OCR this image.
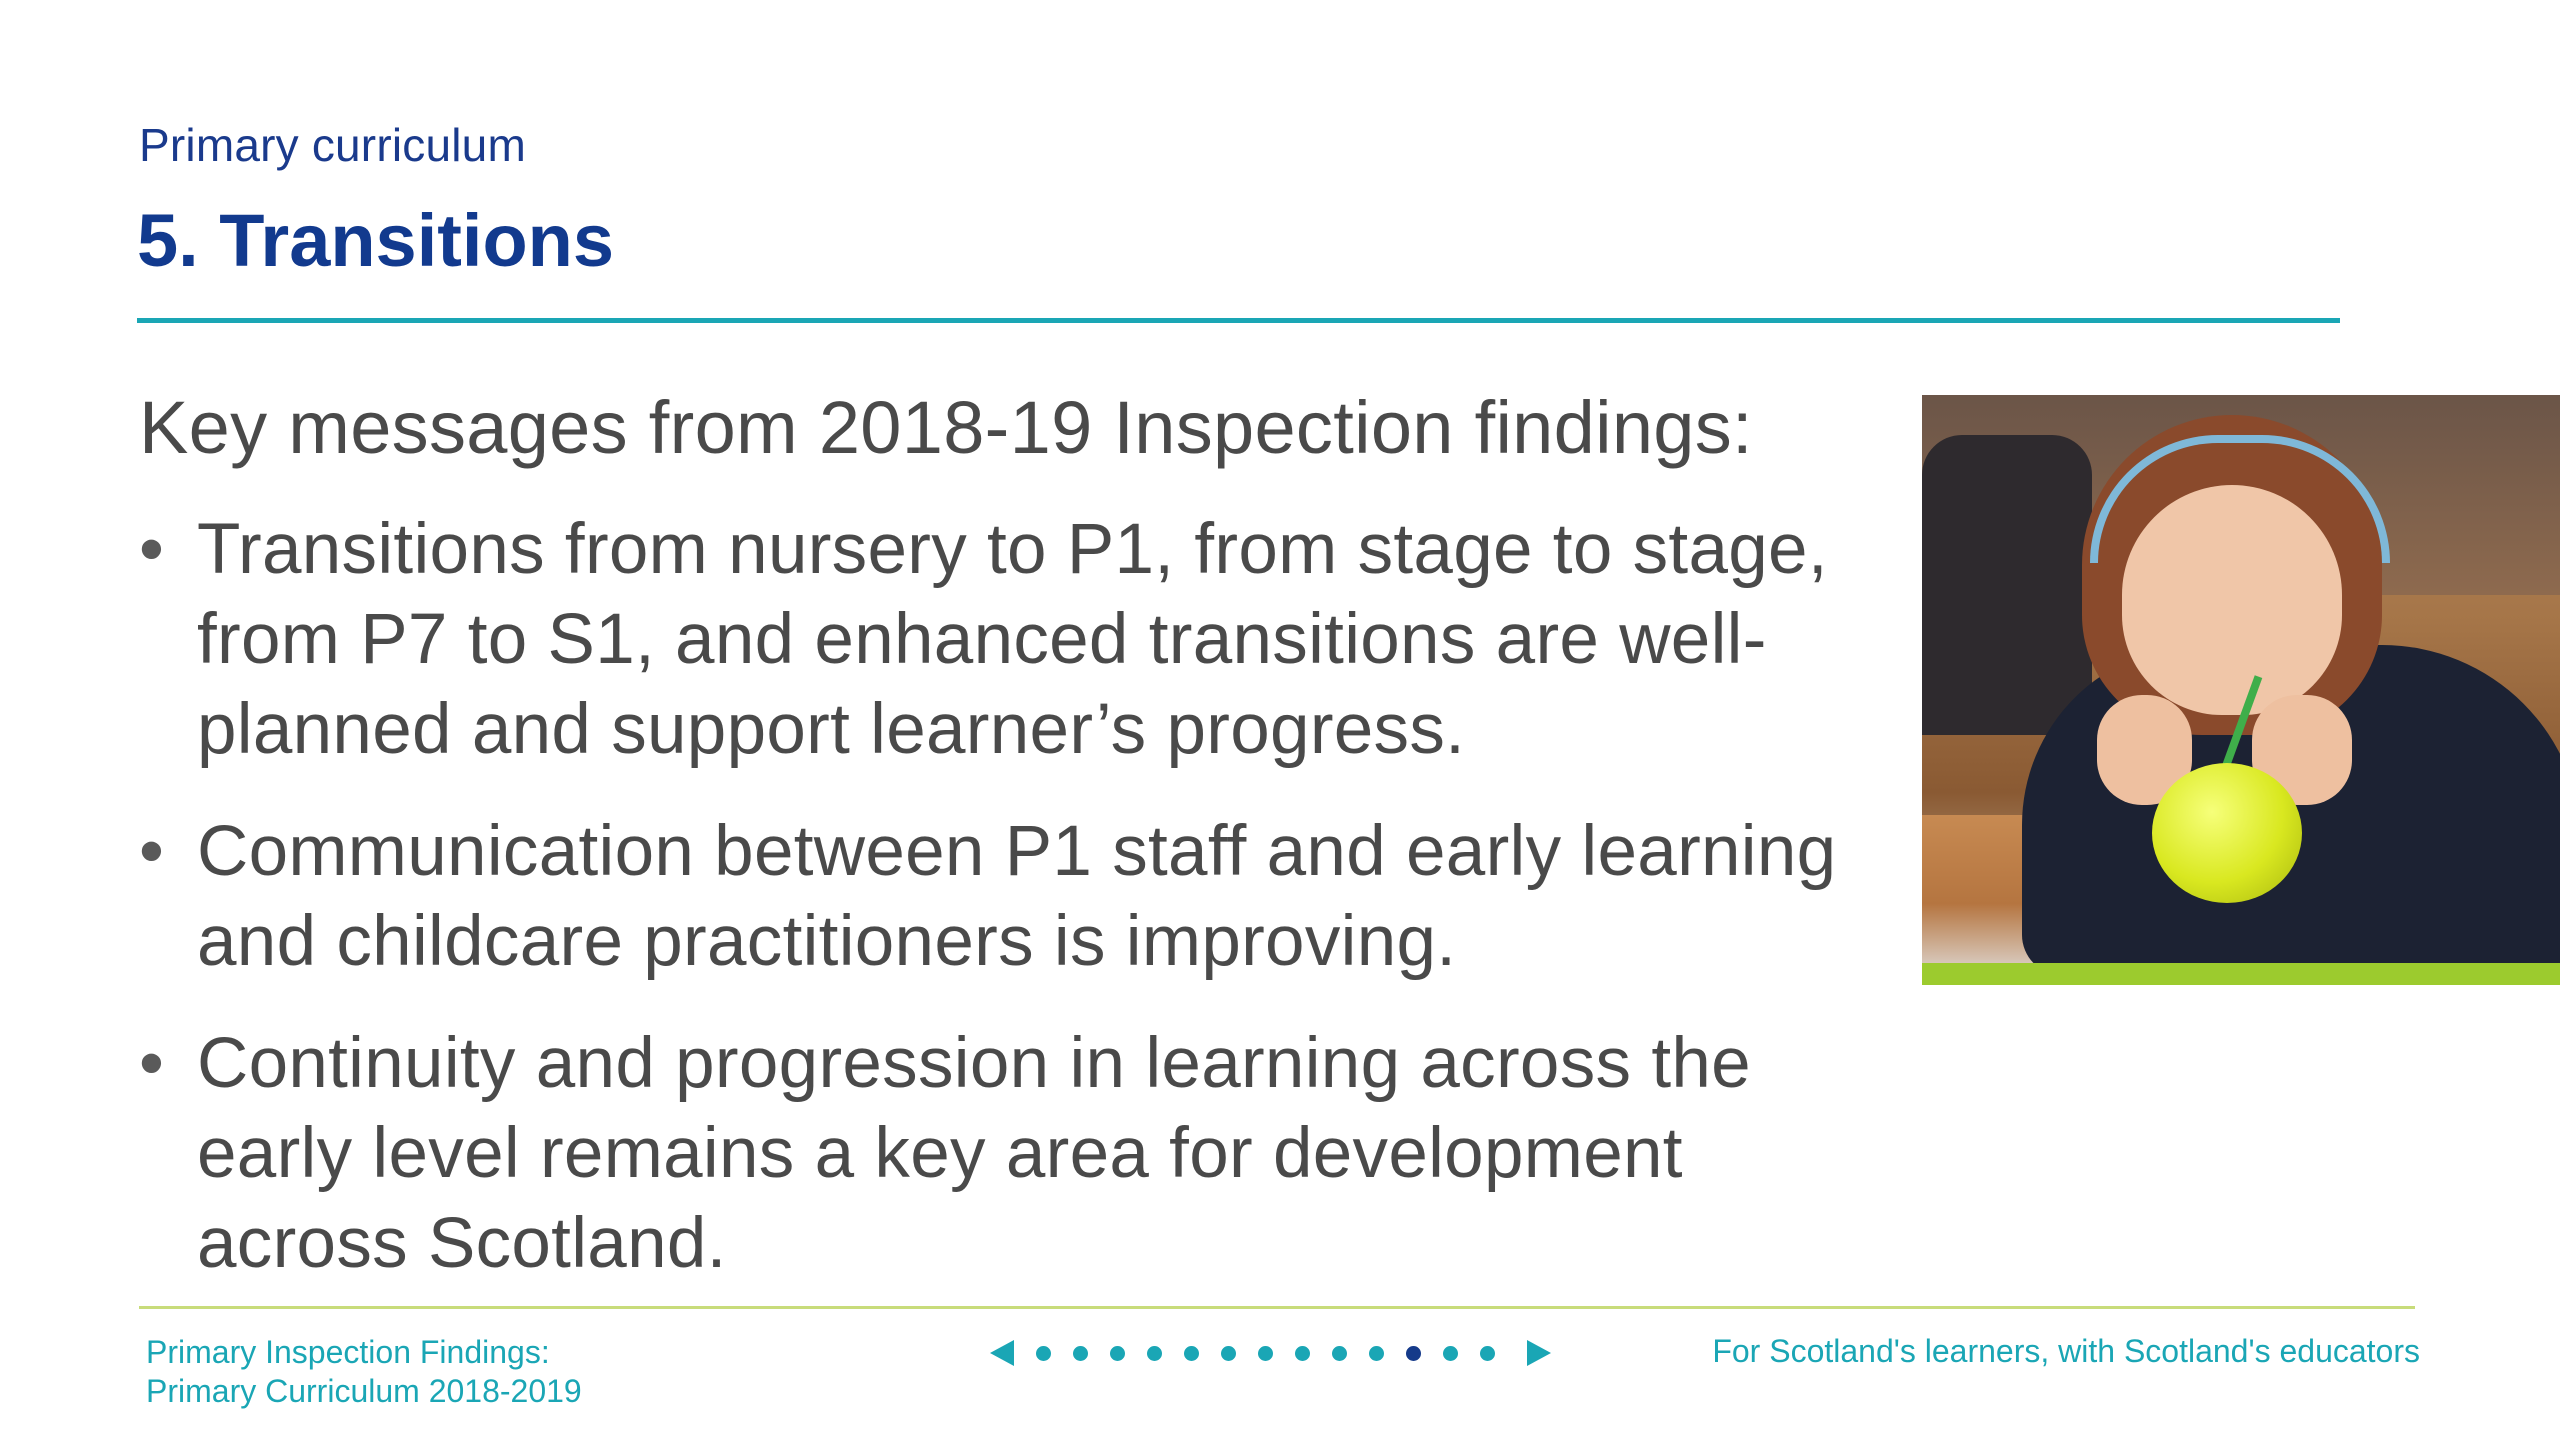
Primary curriculum
5. Transitions

Key messages from 2018-19 Inspection findings:

• Transitions from nursery to P1, from stage to stage, from P7 to S1, and enhanced transitions are well-planned and support learner’s progress.
• Communication between P1 staff and early learning and childcare practitioners is improving.
• Continuity and progression in learning across the early level remains a key area for development across Scotland.
Primary Inspection Findings:
Primary Curriculum 2018-2019
For Scotland's learners, with Scotland's educators
